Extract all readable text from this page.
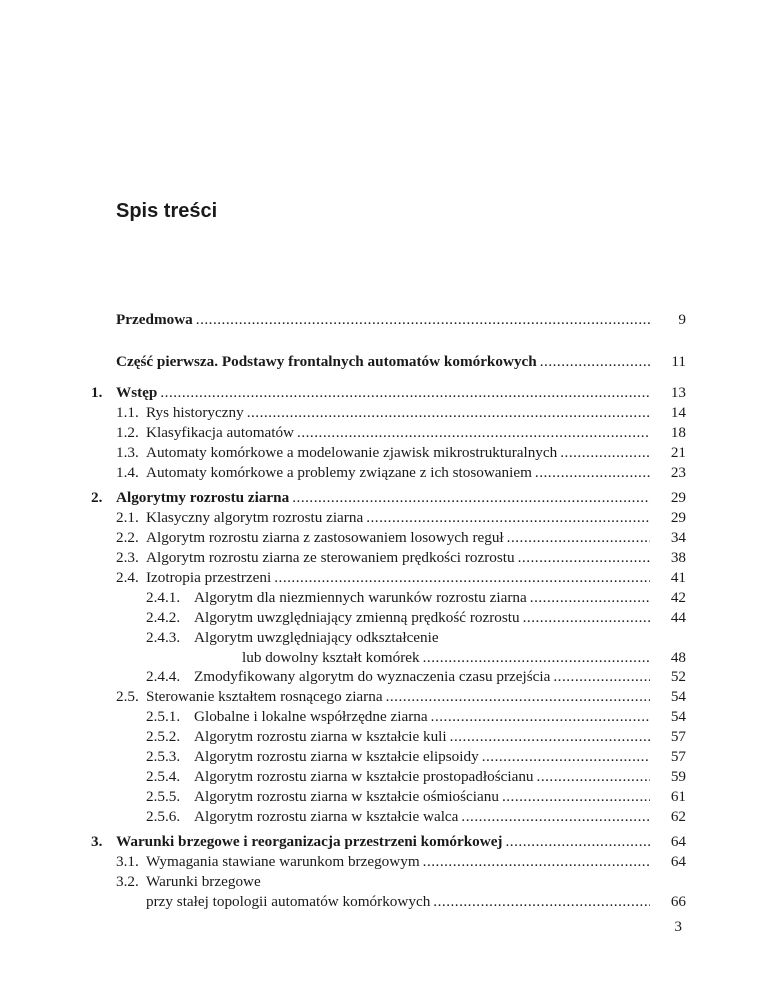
Spis treści
Przedmowa .....	9
Część pierwsza. Podstawy frontalnych automatów komórkowych .....	11
1. Wstęp .....	13
1.1. Rys historyczny .....	14
1.2. Klasyfikacja automatów .....	18
1.3. Automaty komórkowe a modelowanie zjawisk mikrostrukturalnych .....	21
1.4. Automaty komórkowe a problemy związane z ich stosowaniem .....	23
2. Algorytmy rozrostu ziarna .....	29
2.1. Klasyczny algorytm rozrostu ziarna .....	29
2.2. Algorytm rozrostu ziarna z zastosowaniem losowych reguł .....	34
2.3. Algorytm rozrostu ziarna ze sterowaniem prędkości rozrostu .....	38
2.4. Izotropia przestrzeni .....	41
2.4.1. Algorytm dla niezmiennych warunków rozrostu ziarna .....	42
2.4.2. Algorytm uwzględniający zmienną prędkość rozrostu .....	44
2.4.3. Algorytm uwzględniający odkształcenie
lub dowolny kształt komórek .....	48
2.4.4. Zmodyfikowany algorytm do wyznaczenia czasu przejścia .....	52
2.5. Sterowanie kształtem rosnącego ziarna .....	54
2.5.1. Globalne i lokalne współrzędne ziarna .....	54
2.5.2. Algorytm rozrostu ziarna w kształcie kuli .....	57
2.5.3. Algorytm rozrostu ziarna w kształcie elipsoidy .....	57
2.5.4. Algorytm rozrostu ziarna w kształcie prostopadłościanu .....	59
2.5.5. Algorytm rozrostu ziarna w kształcie ośmiościanu .....	61
2.5.6. Algorytm rozrostu ziarna w kształcie walca .....	62
3. Warunki brzegowe i reorganizacja przestrzeni komórkowej .....	64
3.1. Wymagania stawiane warunkom brzegowym .....	64
3.2. Warunki brzegowe
przy stałej topologii automatów komórkowych .....	66
3
